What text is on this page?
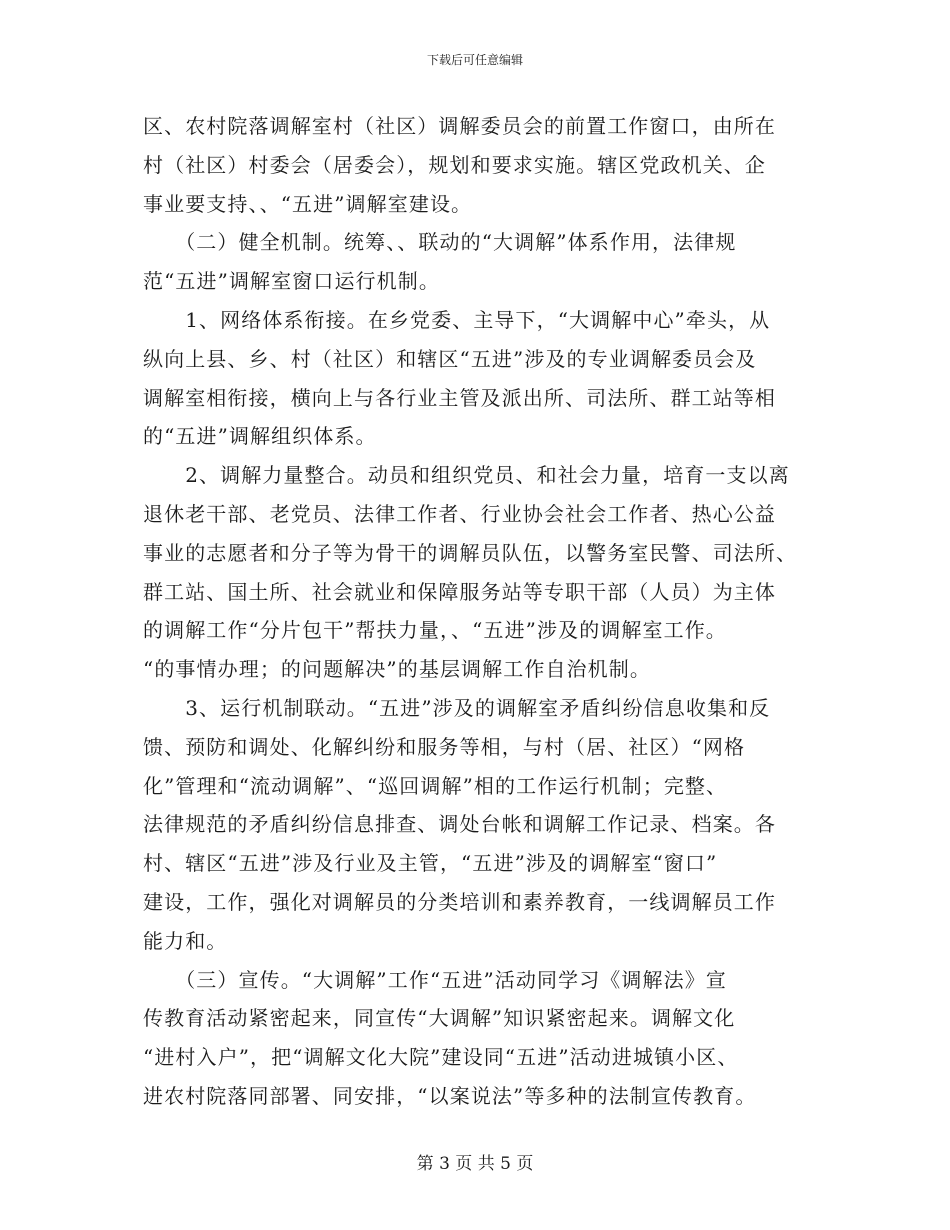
下载后可任意编辑
区、农村院落调解室村（社区）调解委员会的前置工作窗口，由所在
村（社区）村委会（居委会），规划和要求实施。辖区党政机关、企
事业要支持、、“五进”调解室建设。
　　（二）健全机制。统筹、、联动的“大调解”体系作用，法律规
范“五进”调解室窗口运行机制。
　　1、网络体系衔接。在乡党委、主导下，“大调解中心”牵头，从
纵向上县、乡、村（社区）和辖区“五进”涉及的专业调解委员会及
调解室相衔接，横向上与各行业主管及派出所、司法所、群工站等相
的“五进”调解组织体系。
　　2、调解力量整合。动员和组织党员、和社会力量，培育一支以离
退休老干部、老党员、法律工作者、行业协会社会工作者、热心公益
事业的志愿者和分子等为骨干的调解员队伍，以警务室民警、司法所、
群工站、国土所、社会就业和保障服务站等专职干部（人员）为主体
的调解工作“分片包干”帮扶力量，、“五进”涉及的调解室工作。
“的事情办理；的问题解决”的基层调解工作自治机制。
　　3、运行机制联动。“五进”涉及的调解室矛盾纠纷信息收集和反
馈、预防和调处、化解纠纷和服务等相，与村（居、社区）“网格
化”管理和“流动调解”、“巡回调解”相的工作运行机制；完整、
法律规范的矛盾纠纷信息排查、调处台帐和调解工作记录、档案。各
村、辖区“五进”涉及行业及主管，“五进”涉及的调解室“窗口”
建设，工作，强化对调解员的分类培训和素养教育，一线调解员工作
能力和。
　　（三）宣传。“大调解”工作“五进”活动同学习《调解法》宣
传教育活动紧密起来，同宣传“大调解”知识紧密起来。调解文化
“进村入户”，把“调解文化大院”建设同“五进”活动进城镇小区、
进农村院落同部署、同安排，“以案说法”等多种的法制宣传教育。
第 3 页 共 5 页
